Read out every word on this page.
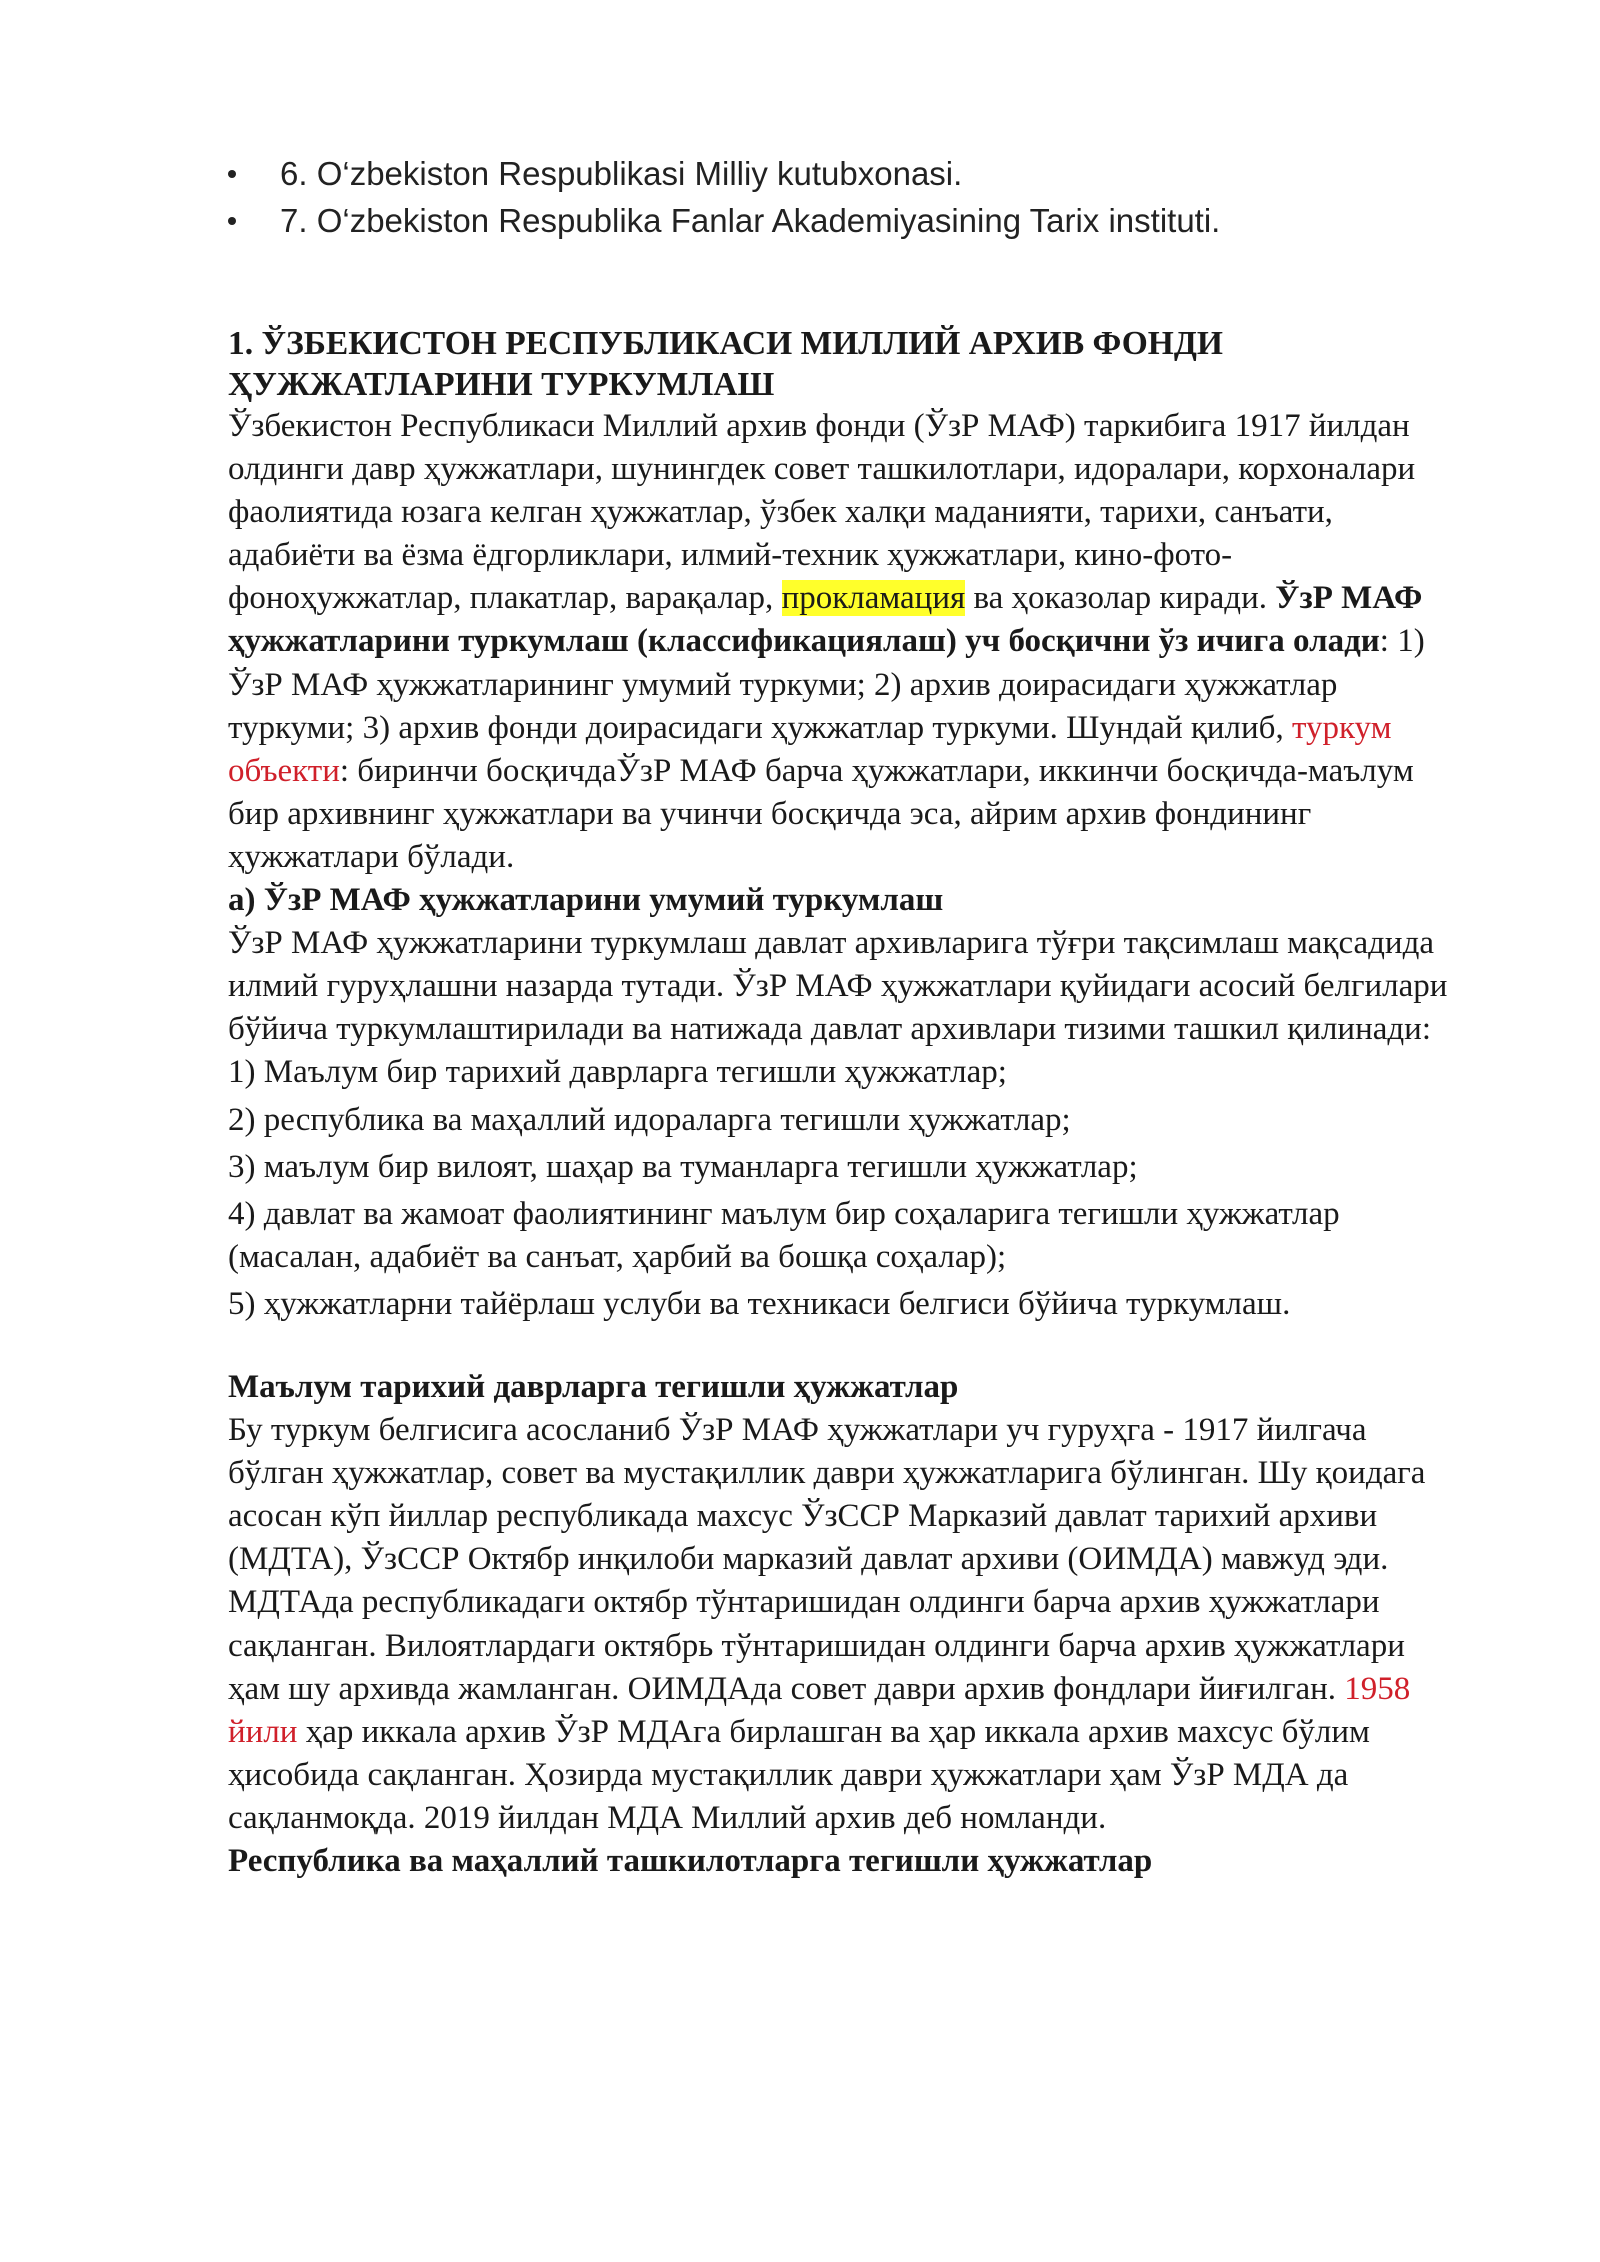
6. O‘zbekiston Respublikasi Milliy kutubxonasi.
7. O‘zbekiston Respublika Fanlar Akademiyasining Tarix instituti.
1. ЎЗБЕКИСТОН РЕСПУБЛИКАСИ МИЛЛИЙ АРХИВ ФОНДИ ҲУЖЖАТЛАРИНИ ТУРКУМЛАШ

Ўзбекистон Республикаси Миллий архив фонди (ЎзР МАФ) таркибига 1917 йилдан олдинги давр ҳужжатлари, шунингдек совет ташкилотлари, идоралари, корхоналари фаолиятида юзага келган ҳужжатлар, ўзбек халқи маданияти, тарихи, санъати, адабиёти ва ёзма ёдгорликлари, илмий-техник ҳужжатлари, кино-фото-фоноҳужжатлар, плакатлар, варақалар, прокламация ва ҳоказолар киради. ЎзР МАФ ҳужжатларини туркумлаш (классификациялаш) уч босқични ўз ичига олади: 1) ЎзР МАФ ҳужжатларининг умумий туркуми; 2) архив доирасидаги ҳужжатлар туркуми; 3) архив фонди доирасидаги ҳужжатлар туркуми. Шундай қилиб, туркум объекти: биринчи босқичдаЎзР МАФ барча ҳужжатлари, иккинчи босқичда-маълум бир архивнинг ҳужжатлари ва учинчи босқичда эса, айрим архив фондининг ҳужжатлари бўлади.

а) ЎзР МАФ ҳужжатларини умумий туркумлаш

ЎзР МАФ ҳужжатларини туркумлаш давлат архивларига тўғри тақсимлаш мақсадида илмий гуруҳлашни назарда тутади. ЎзР МАФ ҳужжатлари қуйидаги асосий белгилари бўйича туркумлаштирилади ва натижада давлат архивлари тизими ташкил қилинади:

1) Маълум бир тарихий даврларга тегишли ҳужжатлар;
2) республика ва маҳаллий идораларга тегишли ҳужжатлар;
3) маълум бир вилоят, шаҳар ва туманларга тегишли ҳужжатлар;
4) давлат ва жамоат фаолиятининг маълум бир соҳаларига тегишли ҳужжатлар (масалан, адабиёт ва санъат, ҳарбий ва бошқа соҳалар);
5) ҳужжатларни тайёрлаш услуби ва техникаси белгиси бўйича туркумлаш.
Маълум тарихий даврларга тегишли ҳужжатлар

Бу туркум белгисига асосланиб ЎзР МАФ ҳужжатлари уч гуруҳга - 1917 йилгача бўлган ҳужжатлар, совет ва мустақиллик даври ҳужжатларига бўлинган. Шу қоидага асосан кўп йиллар республикада махсус ЎзССР Марказий давлат тарихий архиви (МДТА), ЎзССР Октябр инқилоби марказий давлат архиви (ОИМДА) мавжуд эди. МДТАда республикадаги октябр тўнтаришидан олдинги барча архив ҳужжатлари сақланган. Вилоятлардаги октябрь тўнтаришидан олдинги барча архив ҳужжатлари ҳам шу архивда жамланган. ОИМДАда совет даври архив фондлари йиғилган. 1958 йили ҳар иккала архив ЎзР МДАга бирлашган ва ҳар иккала архив махсус бўлим ҳисобида сақланган. Ҳозирда мустақиллик даври ҳужжатлари ҳам ЎзР МДА да сақланмоқда. 2019 йилдан МДА Миллий архив деб номланди.

Республика ва маҳаллий ташкилотларга тегишли ҳужжатлар
